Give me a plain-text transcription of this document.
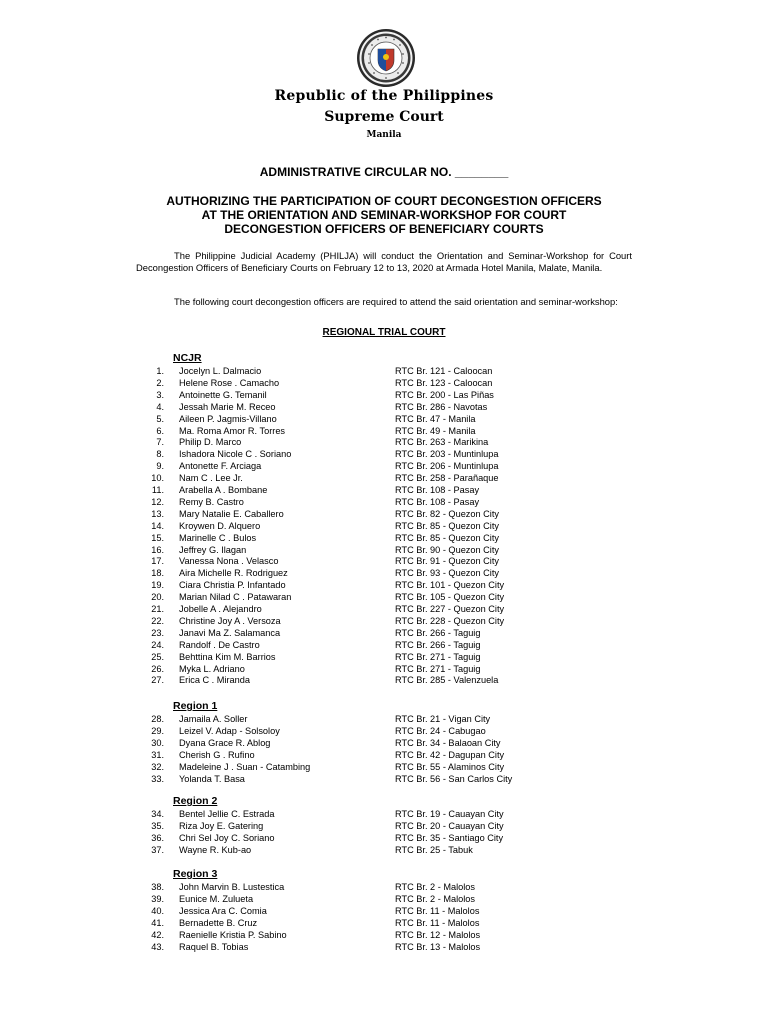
Republic of the Philippines
Supreme Court
Manila
ADMINISTRATIVE CIRCULAR NO. ________
AUTHORIZING THE PARTICIPATION OF COURT DECONGESTION OFFICERS
AT THE ORIENTATION AND SEMINAR-WORKSHOP FOR COURT
DECONGESTION OFFICERS OF BENEFICIARY COURTS
The Philippine Judicial Academy (PHILJA) will conduct the Orientation and Seminar-Workshop for Court Decongestion Officers of Beneficiary Courts on February 12 to 13, 2020 at Armada Hotel Manila, Malate, Manila.
The following court decongestion officers are required to attend the said orientation and seminar-workshop:
REGIONAL TRIAL COURT
NCJR
1. Jocelyn L. Dalmacio	RTC Br. 121 - Caloocan
2. Helene Rose . Camacho	RTC Br. 123 - Caloocan
3. Antoinette G. Temanil	RTC Br. 200 - Las Piñas
4. Jessah Marie M. Receo	RTC Br. 286 - Navotas
5. Aileen P. Jagmis-Villano	RTC Br. 47 - Manila
6. Ma. Roma Amor R. Torres	RTC Br. 49 - Manila
7. Philip D. Marco	RTC Br. 263 - Marikina
8. Ishadora Nicole C . Soriano	RTC Br. 203 - Muntinlupa
9. Antonette F. Arciaga	RTC Br. 206 - Muntinlupa
10. Nam C . Lee Jr.	RTC Br. 258 - Parañaque
11. Arabella A . Bombane	RTC Br. 108 - Pasay
12. Remy B. Castro	RTC Br. 108 - Pasay
13. Mary Natalie E. Caballero	RTC Br. 82 - Quezon City
14. Kroywen D. Alquero	RTC Br. 85 - Quezon City
15. Marinelle C . Bulos	RTC Br. 85 - Quezon City
16. Jeffrey G. Ilagan	RTC Br. 90 - Quezon City
17. Vanessa Nona . Velasco	RTC Br. 91 - Quezon City
18. Aira Michelle R. Rodriguez	RTC Br. 93 - Quezon City
19. Ciara Christia P. Infantado	RTC Br. 101 - Quezon City
20. Marian Nilad C . Patawaran	RTC Br. 105 - Quezon City
21. Jobelle A . Alejandro	RTC Br. 227 - Quezon City
22. Christine Joy A . Versoza	RTC Br. 228 - Quezon City
23. Janavi Ma Z. Salamanca	RTC Br. 266 - Taguig
24. Randolf . De Castro	RTC Br. 266 - Taguig
25. Behttina Kim M. Barrios	RTC Br. 271 - Taguig
26. Myka L. Adriano	RTC Br. 271 - Taguig
27. Erica C . Miranda	RTC Br. 285 - Valenzuela
Region 1
28. Jamaila A. Soller	RTC Br. 21 - Vigan City
29. Leizel V. Adap - Solsoloy	RTC Br. 24 - Cabugao
30. Dyana Grace R. Ablog	RTC Br. 34 - Balaoan City
31. Cherish G . Rufino	RTC Br. 42 - Dagupan City
32. Madeleine J . Suan - Catambing	RTC Br. 55 - Alaminos City
33. Yolanda T. Basa	RTC Br. 56 - San Carlos City
Region 2
34. Bentel Jellie C. Estrada	RTC Br. 19 - Cauayan City
35. Riza Joy E. Gatering	RTC Br. 20 - Cauayan City
36. Chri Sel Joy C. Soriano	RTC Br. 35 - Santiago City
37. Wayne R. Kub-ao	RTC Br. 25 - Tabuk
Region 3
38. John Marvin B. Lustestica	RTC Br. 2 - Malolos
39. Eunice M. Zulueta	RTC Br. 2 - Malolos
40. Jessica Ara C. Comia	RTC Br. 11 - Malolos
41. Bernadette B. Cruz	RTC Br. 11 - Malolos
42. Raenielle Kristia P. Sabino	RTC Br. 12 - Malolos
43. Raquel B. Tobias	RTC Br. 13 - Malolos
